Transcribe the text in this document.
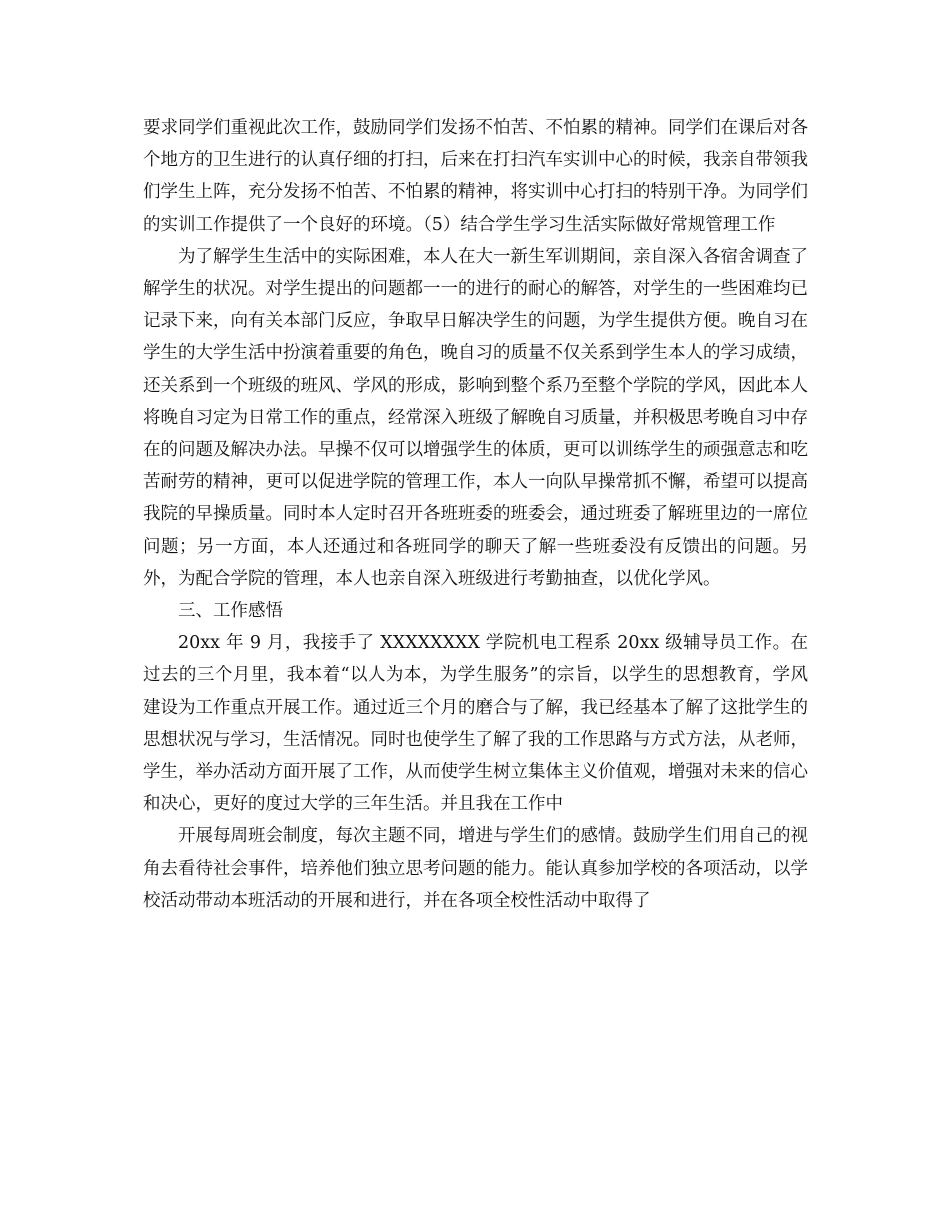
要求同学们重视此次工作，鼓励同学们发扬不怕苦、不怕累的精神。同学们在课后对各个地方的卫生进行的认真仔细的打扫，后来在打扫汽车实训中心的时候，我亲自带领我们学生上阵，充分发扬不怕苦、不怕累的精神，将实训中心打扫的特别干净。为同学们的实训工作提供了一个良好的环境。（5）结合学生学习生活实际做好常规管理工作

为了解学生生活中的实际困难，本人在大一新生军训期间，亲自深入各宿舍调查了解学生的状况。对学生提出的问题都一一的进行的耐心的解答，对学生的一些困难均已记录下来，向有关本部门反应，争取早日解决学生的问题，为学生提供方便。晚自习在学生的大学生活中扮演着重要的角色，晚自习的质量不仅关系到学生本人的学习成绩，还关系到一个班级的班风、学风的形成，影响到整个系乃至整个学院的学风，因此本人将晚自习定为日常工作的重点，经常深入班级了解晚自习质量，并积极思考晚自习中存在的问题及解决办法。早操不仅可以增强学生的体质，更可以训练学生的顽强意志和吃苦耐劳的精神，更可以促进学院的管理工作，本人一向队早操常抓不懈，希望可以提高我院的早操质量。同时本人定时召开各班班委的班委会，通过班委了解班里边的一席位问题；另一方面，本人还通过和各班同学的聊天了解一些班委没有反馈出的问题。另外，为配合学院的管理，本人也亲自深入班级进行考勤抽查，以优化学风。

三、工作感悟

20xx 年 9 月，我接手了 XXXXXXXX 学院机电工程系 20xx 级辅导员工作。在过去的三个月里，我本着“以人为本，为学生服务”的宗旨，以学生的思想教育，学风建设为工作重点开展工作。通过近三个月的磨合与了解，我已经基本了解了这批学生的思想状况与学习，生活情况。同时也使学生了解了我的工作思路与方式方法，从老师，学生，举办活动方面开展了工作，从而使学生树立集体主义价值观，增强对未来的信心和决心，更好的度过大学的三年生活。并且我在工作中

开展每周班会制度，每次主题不同，增进与学生们的感情。鼓励学生们用自己的视角去看待社会事件，培养他们独立思考问题的能力。能认真参加学校的各项活动，以学校活动带动本班活动的开展和进行，并在各项全校性活动中取得了
